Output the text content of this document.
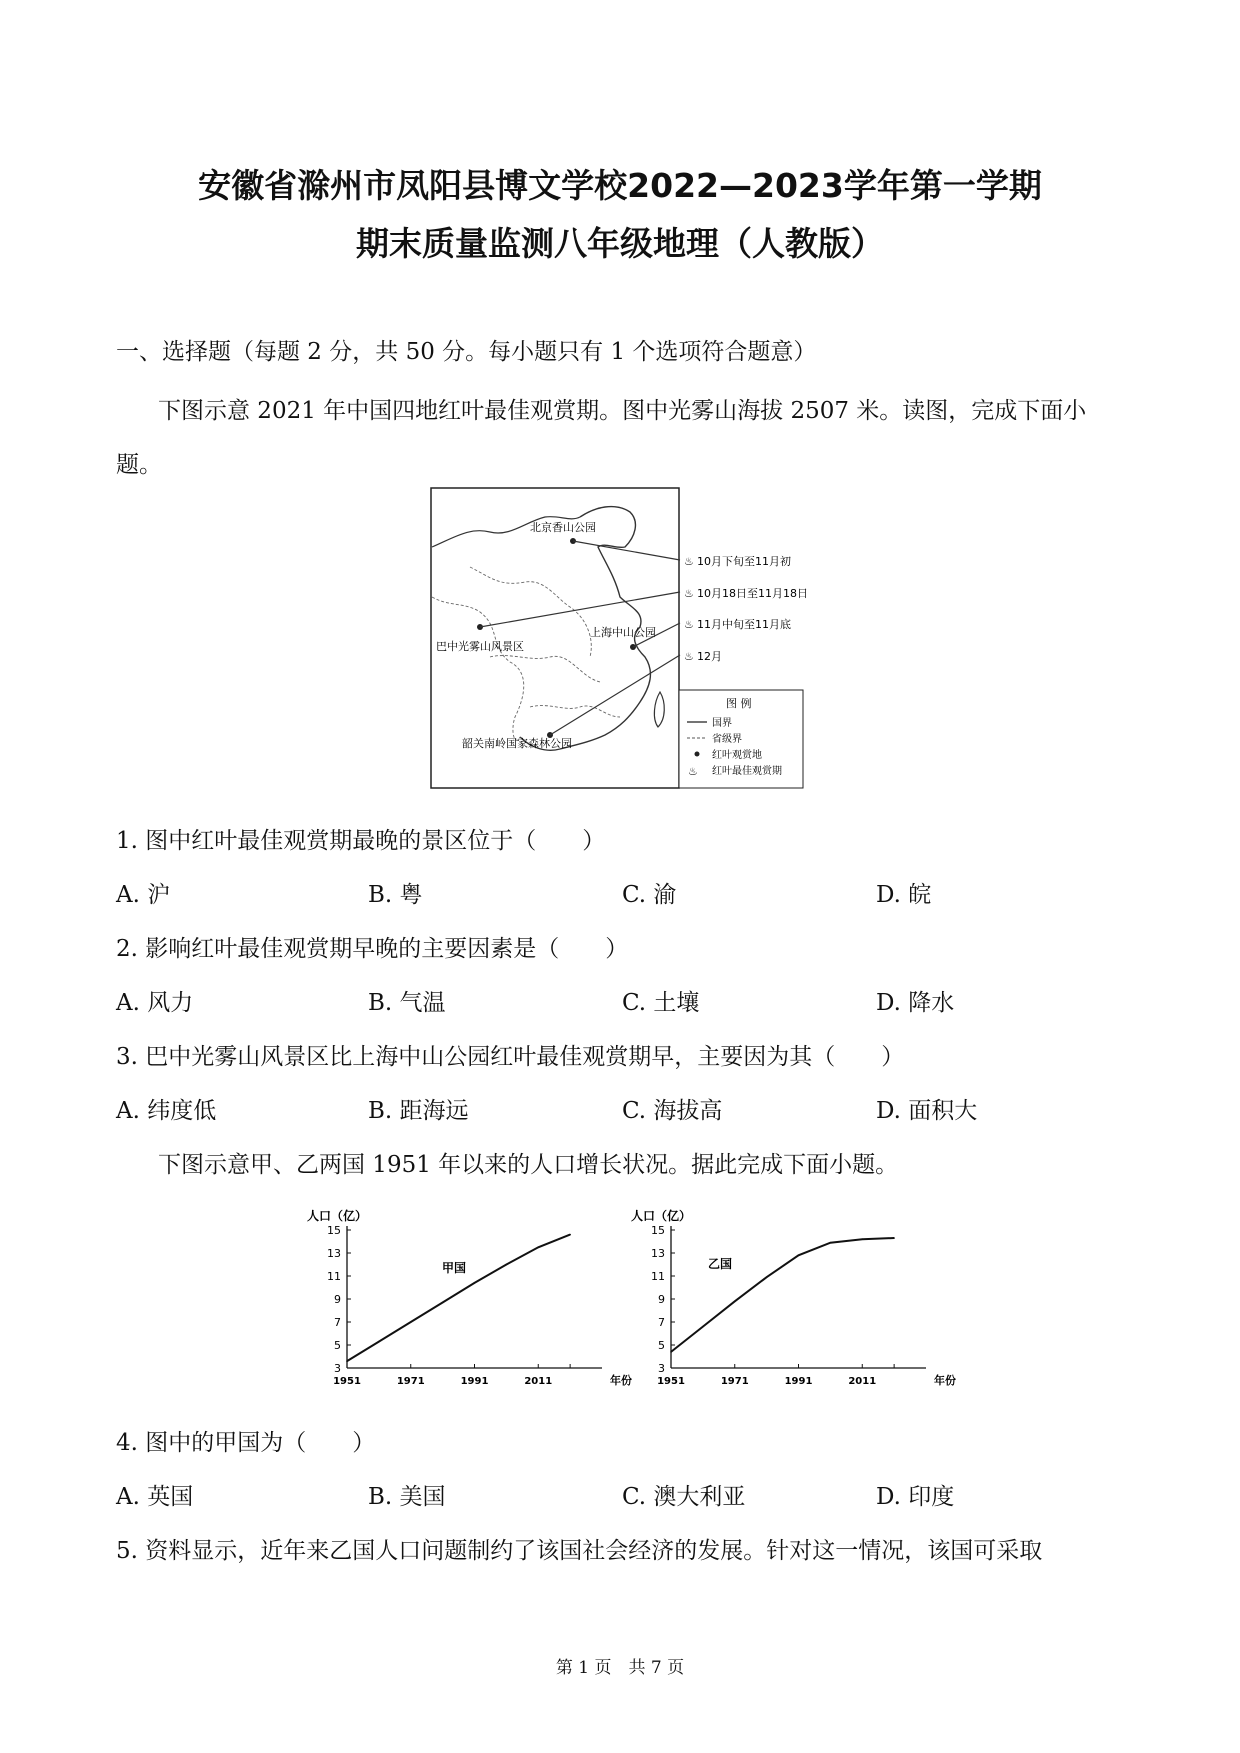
安徽省滁州市凤阳县博文学校2022—2023学年第一学期
期末质量监测八年级地理（人教版）
一、选择题（每题 2 分，共 50 分。每小题只有 1 个选项符合题意）
下图示意 2021 年中国四地红叶最佳观赏期。图中光雾山海拔 2507 米。读图，完成下面小
题。
北京香山公园
巴中光雾山风景区
上海中山公园
韶关南岭国家森林公园
♨ 10月下旬至11月初
♨ 10月18日至11月18日
♨ 11月中旬至11月底
♨ 12月
图 例
国界
省级界
红叶观赏地
♨ 红叶最佳观赏期
1. 图中红叶最佳观赏期最晚的景区位于（　　）
A. 沪	B. 粤	C. 渝	D. 皖
2. 影响红叶最佳观赏期早晚的主要因素是（　　）
A. 风力	B. 气温	C. 土壤	D. 降水
3. 巴中光雾山风景区比上海中山公园红叶最佳观赏期早，主要因为其（　　）
A. 纬度低	B. 距海远	C. 海拔高	D. 面积大
下图示意甲、乙两国 1951 年以来的人口增长状况。据此完成下面小题。
人口（亿）
3
5
7
9
11
13
15
1951	1971	1991	2011	年份
甲国
人口（亿）
3
5
7
9
11
13
15
1951	1971	1991	2011	年份
乙国
4. 图中的甲国为（　　）
A. 英国	B. 美国	C. 澳大利亚	D. 印度
5. 资料显示，近年来乙国人口问题制约了该国社会经济的发展。针对这一情况，该国可采取
第 1 页　共 7 页
